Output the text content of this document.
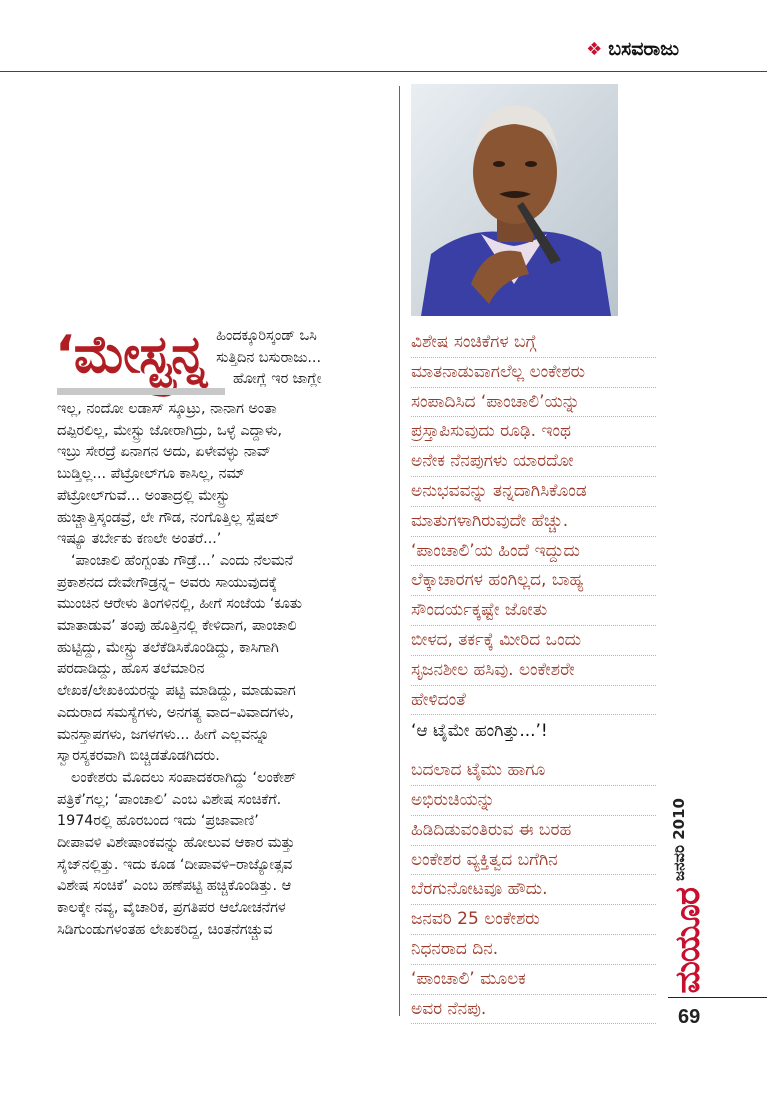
❖ ಬಸವರಾಜು
‘ಮೇಸ್ಟ್ರನ್ನ ಹಿಂದಕ್ಕೂರಿಸ್ಕಂಡ್ ಒಸಿ
ಸುತ್ತಿದಿನ ಬಸುರಾಜು...
ಹೋಗ್ಲೆ ಇರ ಜಾಗ್ಲೇ
ಇಲ್ಲ, ನಂದೋ ಲಡಾಸ್ ಸ್ಕೂಟ್ರು, ನಾನಾಗ ಅಂತಾ
ದಪ್ಪಿರಲಿಲ್ಲ, ಮೇಸ್ಟ್ರು ಜೋರಾಗಿದ್ರು, ಒಳ್ಳೆ ಎದ್ದಾಳು,
ಇಬ್ರು ಸೇರದ್ರೆ ಏನಾಗನ ಅದು, ಏಳೇವಳ್ಳು ನಾವ್
ಬುಡ್ತಿಲ್ಲ... ಪೆಟ್ರೋಲ್‌ಗೂ ಕಾಸಿಲ್ಲ, ನಮ್
ಪೆಟ್ರೋಲ್‌ಗುವೆ... ಅಂತಾದ್ರಲ್ಲಿ ಮೇಸ್ಟ್ರು
ಹುಚ್ಚಾತ್ತಿಸ್ಕಂಡವ್ರೆ, ಲೇ ಗೌಡ, ನಂಗೊತ್ತಿಲ್ಲ ಸ್ಪೆಷಲ್
ಇಷ್ಯೂ ತರ್ಬೇಕು ಕಣಲೇ ಅಂತರೆ...’
‘ಪಾಂಚಾಲಿ ಹೆಂಗ್ಬಂತು ಗೌಡ್ರೆ...’ ಎಂದು ನೆಲಮನೆ
ಪ್ರಕಾಶನದ ದೇವೇಗೌಡ್ರನ್ನ– ಅವರು ಸಾಯುವುದಕ್ಕೆ
ಮುಂಚಿನ ಆರೇಳು ತಿಂಗಳಿನಲ್ಲಿ, ಹೀಗೆ ಸಂಜೆಯ ‘ಕೂತು
ಮಾತಾಡುವ’ ತಂಪು ಹೊತ್ತಿನಲ್ಲಿ ಕೇಳಿದಾಗ, ಪಾಂಚಾಲಿ
ಹುಟ್ಟಿದ್ದು, ಮೇಸ್ಟ್ರು ತಲೆಕೆಡಿಸಿಕೊಂಡಿದ್ದು, ಕಾಸಿಗಾಗಿ
ಪರದಾಡಿದ್ದು, ಹೊಸ ತಲೆಮಾರಿನ
ಲೇಖಕ/ಲೇಖಕಿಯರನ್ನು ಪಟ್ಟಿ ಮಾಡಿದ್ದು, ಮಾಡುವಾಗ
ಎದುರಾದ ಸಮಸ್ಯೆಗಳು, ಅನಗತ್ಯ ವಾದ–ವಿವಾದಗಳು,
ಮನಸ್ತಾಪಗಳು, ಜಗಳಗಳು... ಹೀಗೆ ಎಲ್ಲವನ್ನೂ
ಸ್ವಾರಸ್ಯಕರವಾಗಿ ಬಿಚ್ಚಿಡತೊಡಗಿದರು.
ಲಂಕೇಶರು ಮೊದಲು ಸಂಪಾದಕರಾಗಿದ್ದು ‘ಲಂಕೇಶ್
ಪತ್ರಿಕೆ’ಗಲ್ಲ; ‘ಪಾಂಚಾಲಿ’ ಎಂಬ ವಿಶೇಷ ಸಂಚಿಕೆಗೆ.
1974ರಲ್ಲಿ ಹೊರಬಂದ ಇದು ‘ಪ್ರಜಾವಾಣಿ’
ದೀಪಾವಳಿ ವಿಶೇಷಾಂಕವನ್ನು ಹೋಲುವ ಆಕಾರ ಮತ್ತು
ಸೈಜ್‌ನಲ್ಲಿತ್ತು. ಇದು ಕೂಡ ‘ದೀಪಾವಳಿ–ರಾಜ್ಯೋತ್ಸವ
ವಿಶೇಷ ಸಂಚಿಕೆ’ ಎಂಬ ಹಣೆಪಟ್ಟಿ ಹಚ್ಚಿಕೊಂಡಿತ್ತು. ಆ
ಕಾಲಕ್ಕೇ ನವ್ಯ, ವೈಚಾರಿಕ, ಪ್ರಗತಿಪರ ಆಲೋಚನೆಗಳ
ಸಿಡಿಗುಂಡುಗಳಂತಹ ಲೇಖಕರಿದ್ದ, ಚಿಂತನೆಗಚ್ಚುವ

ವಿಶೇಷ ಸಂಚಿಕೆಗಳ ಬಗ್ಗೆ
ಮಾತನಾಡುವಾಗಲೆಲ್ಲ ಲಂಕೇಶರು
ಸಂಪಾದಿಸಿದ ‘ಪಾಂಚಾಲಿ’ಯನ್ನು
ಪ್ರಸ್ತಾಪಿಸುವುದು ರೂಢಿ. ಇಂಥ
ಅನೇಕ ನೆನಪುಗಳು ಯಾರದೋ
ಅನುಭವವನ್ನು ತನ್ನದಾಗಿಸಿಕೊಂಡ
ಮಾತುಗಳಾಗಿರುವುದೇ ಹೆಚ್ಚು.
‘ಪಾಂಚಾಲಿ’ಯ ಹಿಂದೆ ಇದ್ದುದು
ಲೆಕ್ಕಾಚಾರಗಳ ಹಂಗಿಲ್ಲದ, ಬಾಹ್ಯ
ಸೌಂದರ್ಯಕ್ಕಷ್ಟೇ ಜೋತು
ಬೀಳದ, ತರ್ಕಕ್ಕೆ ಮೀರಿದ ಒಂದು
ಸೃಜನಶೀಲ ಹಸಿವು. ಲಂಕೇಶರೇ
ಹೇಳಿದಂತೆ

‘ಆ ಟೈಮೇ ಹಂಗಿತ್ತು...’!

ಬದಲಾದ ಟೈಮು ಹಾಗೂ
ಅಭಿರುಚಿಯನ್ನು
ಹಿಡಿದಿಡುವಂತಿರುವ ಈ ಬರಹ
ಲಂಕೇಶರ ವ್ಯಕ್ತಿತ್ವದ ಬಗೆಗಿನ
ಬೆರಗುನೋಟವೂ ಹೌದು.
ಜನವರಿ 25 ಲಂಕೇಶರು
ನಿಧನರಾದ ದಿನ.
‘ಪಾಂಚಾಲಿ’ ಮೂಲಕ
ಅವರ ನೆನಪು.

ಜನವರಿ 2010
ಮಯೂರ
69
